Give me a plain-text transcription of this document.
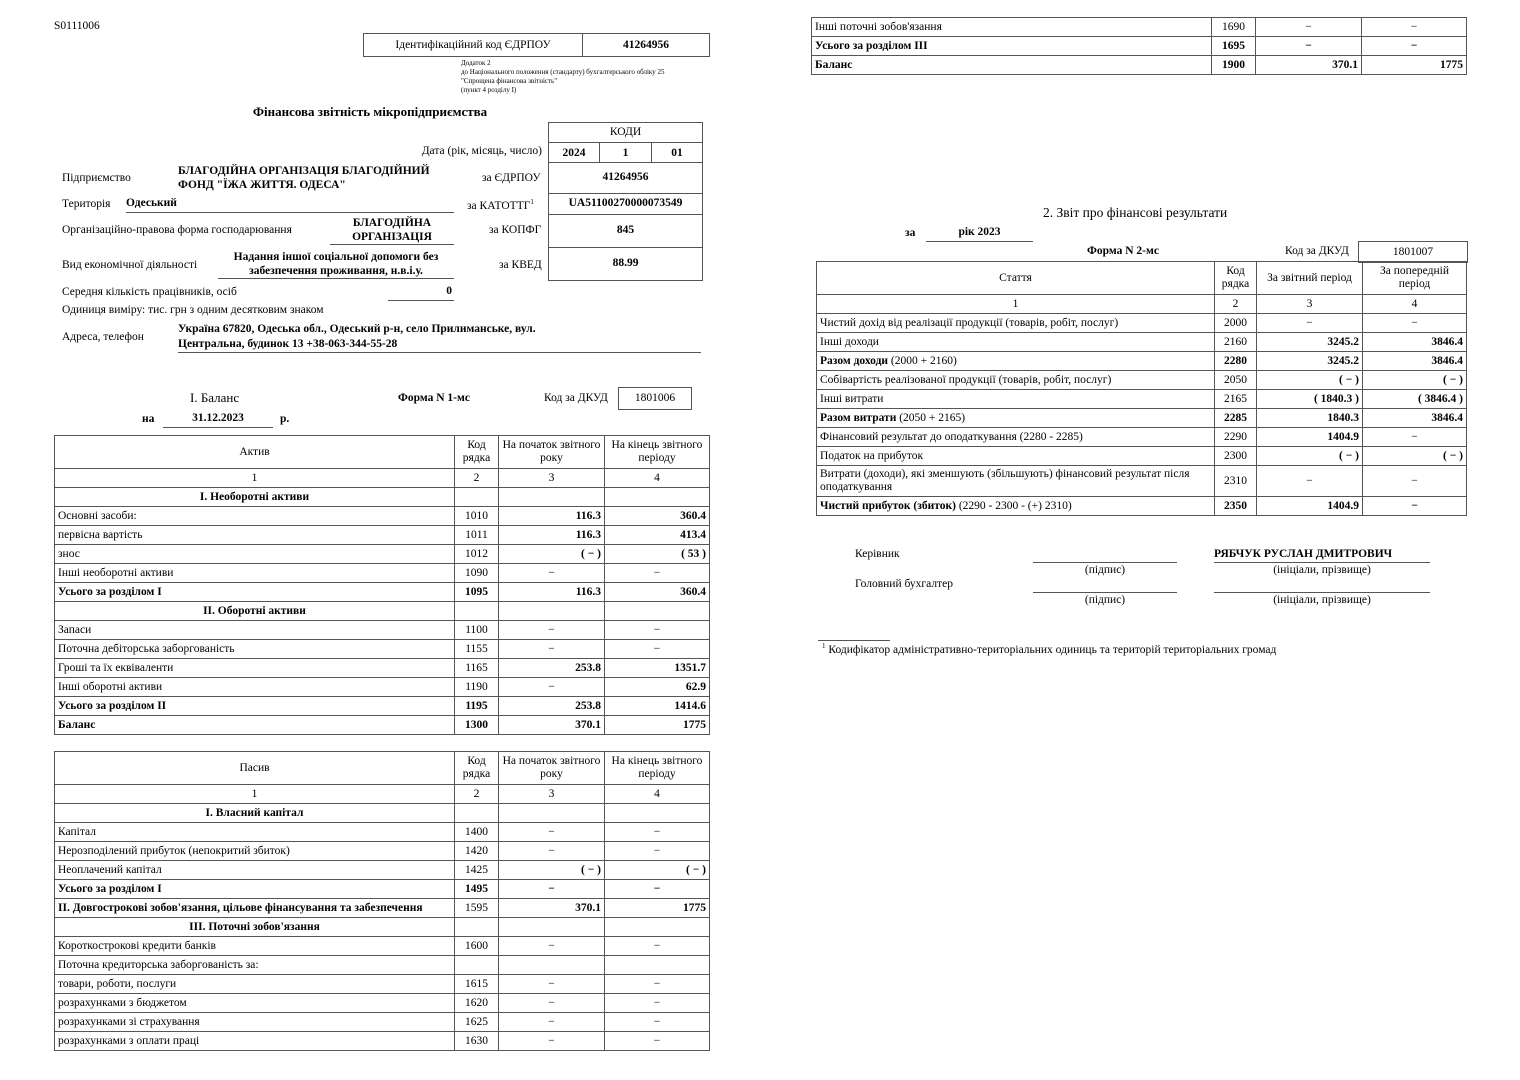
S0111006
Ідентифікаційний код ЄДРПОУ	41264956
Додаток 2
до Національного положення (стандарту) бухгалтерського обліку 25
"Спрощена фінансова звітність"
(пункт 4 розділу І)
Фінансова звітність мікропідприємства
КОДИ
Дата (рік, місяць, число)	2024	1	01
Підприємство
БЛАГОДІЙНА ОРГАНІЗАЦІЯ БЛАГОДІЙНИЙ
ФОНД "ЇЖА ЖИТТЯ. ОДЕСА"
за ЄДРПОУ	41264956
Територія Одеський	за КАТОТТГ$^1$	UA51100270000073549
Організаційно-правова форма господарювання
БЛАГОДІЙНА
ОРГАНІЗАЦІЯ
за КОПФГ	845
Вид економічної діяльності
Надання іншої соціальної допомоги без
забезпечення проживання, н.в.і.у.	за КВЕД	88.99
Середня кількість працівників, осіб	0
Одиниця виміру: тис. грн з одним десятковим знаком
Адреса, телефон
Україна 67820, Одеська обл., Одеський р-н, село Прилиманське, вул.
Центральна, будинок 13 +38-063-344-55-28
I. Баланс	Форма N 1-мс	Код за ДКУД	1801006
на	31.12.2023	р.
Актив	Код рядка	На початок звітного року	На кінець звітного періоду
1	2	3	4
I. Необоротні активи			
Основні засоби:	1010	116.3	360.4
первісна вартість	1011	116.3	413.4
знос	1012	( − )	( 53 )
Інші необоротні активи	1090	−	−
Усього за розділом I	1095	116.3	360.4
II. Оборотні активи			
Запаси	1100	−	−
Поточна дебіторська заборгованість	1155	−	−
Гроші та їх еквіваленти	1165	253.8	1351.7
Інші оборотні активи	1190	−	62.9
Усього за розділом II	1195	253.8	1414.6
Баланс	1300	370.1	1775
Пасив	Код рядка	На початок звітного року	На кінець звітного періоду
1	2	3	4
I. Власний капітал			
Капітал	1400	−	−
Нерозподілений прибуток (непокритий збиток)	1420	−	−
Неоплачений капітал	1425	( − )	( − )
Усього за розділом I	1495	−	−
II. Довгострокові зобов'язання, цільове фінансування та забезпечення	1595	370.1	1775
III. Поточні зобов'язання			
Короткострокові кредити банків	1600	−	−
Поточна кредиторська заборгованість за:			
товари, роботи, послуги	1615	−	−
розрахунками з бюджетом	1620	−	−
розрахунками зі страхування	1625	−	−
розрахунками з оплати праці	1630	−	−
Інші поточні зобов'язання	1690	−	−
Усього за розділом III	1695	−	−
Баланс	1900	370.1	1775
2. Звіт про фінансові результати
за	рік 2023
Форма N 2-мс	Код за ДКУД	1801007
Стаття	Код рядка	За звітний період	За попередній період
1	2	3	4
Чистий дохід від реалізації продукції (товарів, робіт, послуг)	2000	−	−
Інші доходи	2160	3245.2	3846.4
Разом доходи (2000 + 2160)	2280	3245.2	3846.4
Собівартість реалізованої продукції (товарів, робіт, послуг)	2050	( − )	( − )
Інші витрати	2165	( 1840.3 )	( 3846.4 )
Разом витрати (2050 + 2165)	2285	1840.3	3846.4
Фінансовий результат до оподаткування (2280 - 2285)	2290	1404.9	−
Податок на прибуток	2300	( − )	( − )
Витрати (доходи), які зменшують (збільшують) фінансовий результат після оподаткування	2310	−	−
Чистий прибуток (збиток) (2290 - 2300 - (+) 2310)	2350	1404.9	−
Керівник	РЯБЧУК РУСЛАН ДМИТРОВИЧ
(підпис)	(ініціали, прізвище)
Головний бухгалтер
(підпис)	(ініціали, прізвище)
$^1$ Кодифікатор адміністративно-територіальних одиниць та територій територіальних громад
